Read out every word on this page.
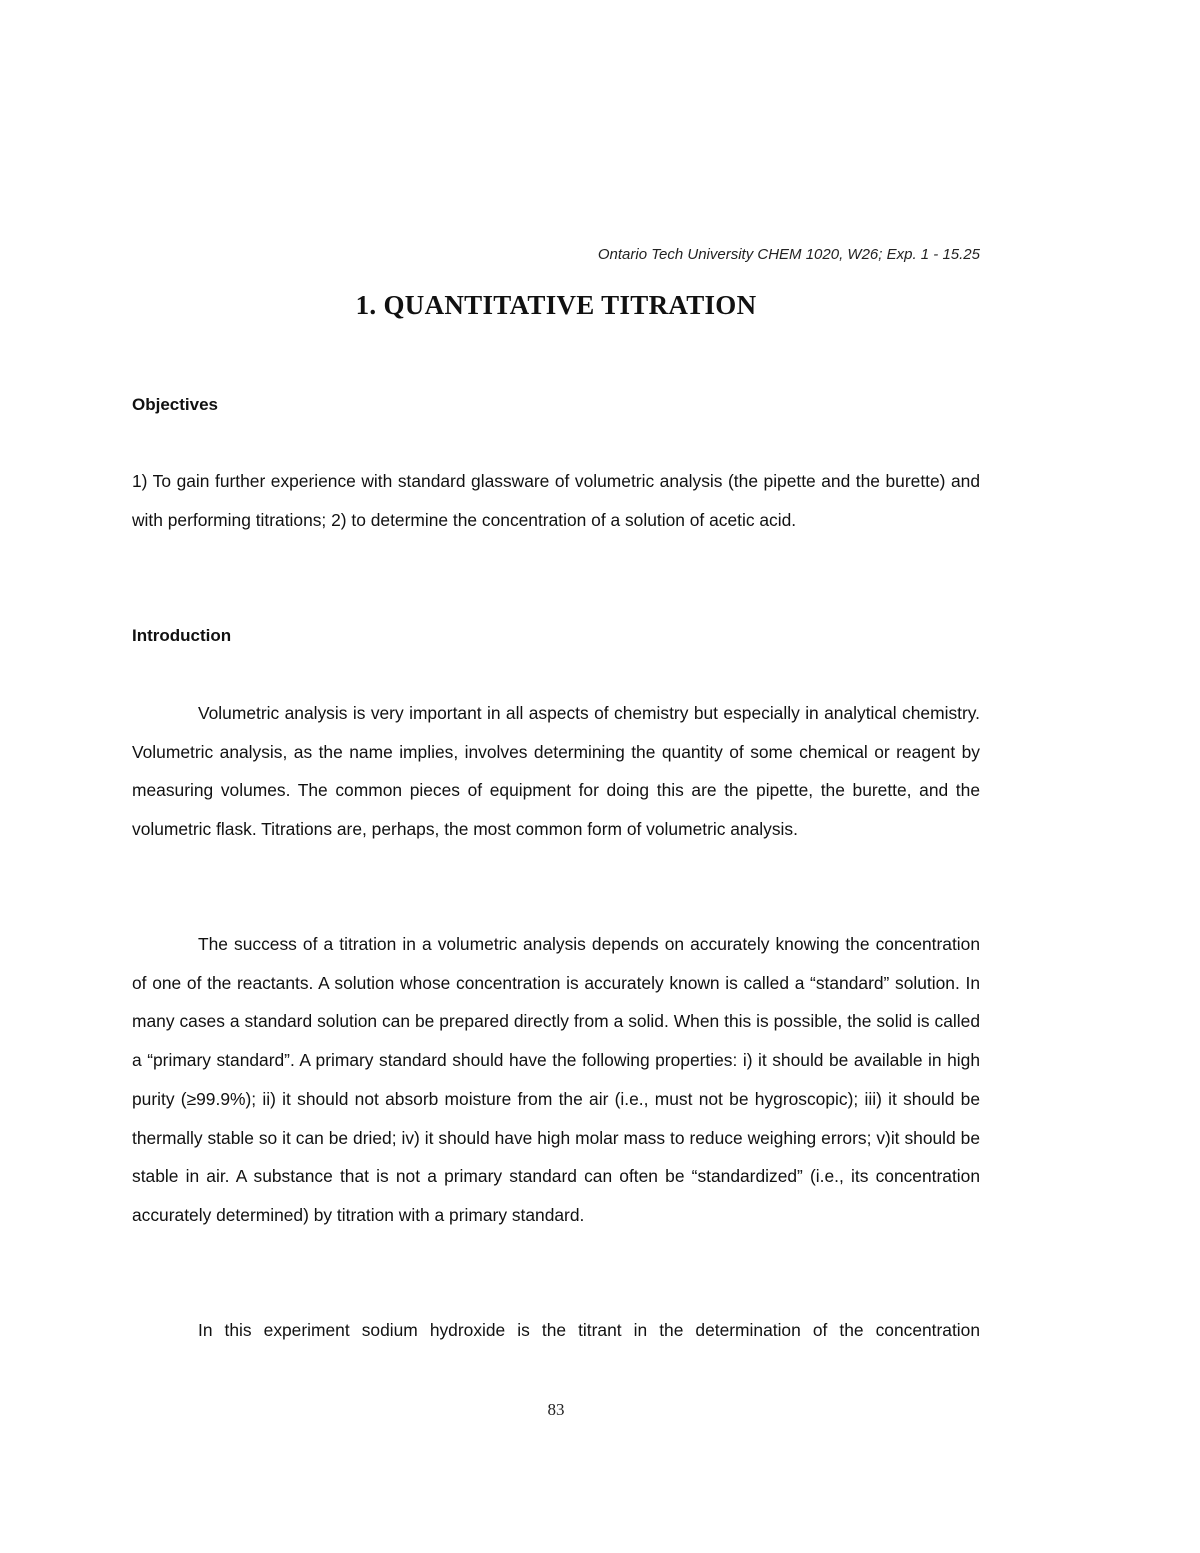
Ontario Tech University CHEM 1020, W26; Exp. 1 - 15.25
1. QUANTITATIVE TITRATION
Objectives

1) To gain further experience with standard glassware of volumetric analysis (the pipette and the burette) and with performing titrations; 2) to determine the concentration of a solution of acetic acid.

Introduction

Volumetric analysis is very important in all aspects of chemistry but especially in analytical chemistry. Volumetric analysis, as the name implies, involves determining the quantity of some chemical or reagent by measuring volumes. The common pieces of equipment for doing this are the pipette, the burette, and the volumetric flask. Titrations are, perhaps, the most common form of volumetric analysis.

The success of a titration in a volumetric analysis depends on accurately knowing the concentration of one of the reactants. A solution whose concentration is accurately known is called a “standard” solution. In many cases a standard solution can be prepared directly from a solid. When this is possible, the solid is called a “primary standard”. A primary standard should have the following properties: i) it should be available in high purity (≥99.9%); ii) it should not absorb moisture from the air (i.e., must not be hygroscopic); iii) it should be thermally stable so it can be dried; iv) it should have high molar mass to reduce weighing errors; v)it should be stable in air. A substance that is not a primary standard can often be “standardized” (i.e., its concentration accurately determined) by titration with a primary standard.

In this experiment sodium hydroxide is the titrant in the determination of the concentration

83
